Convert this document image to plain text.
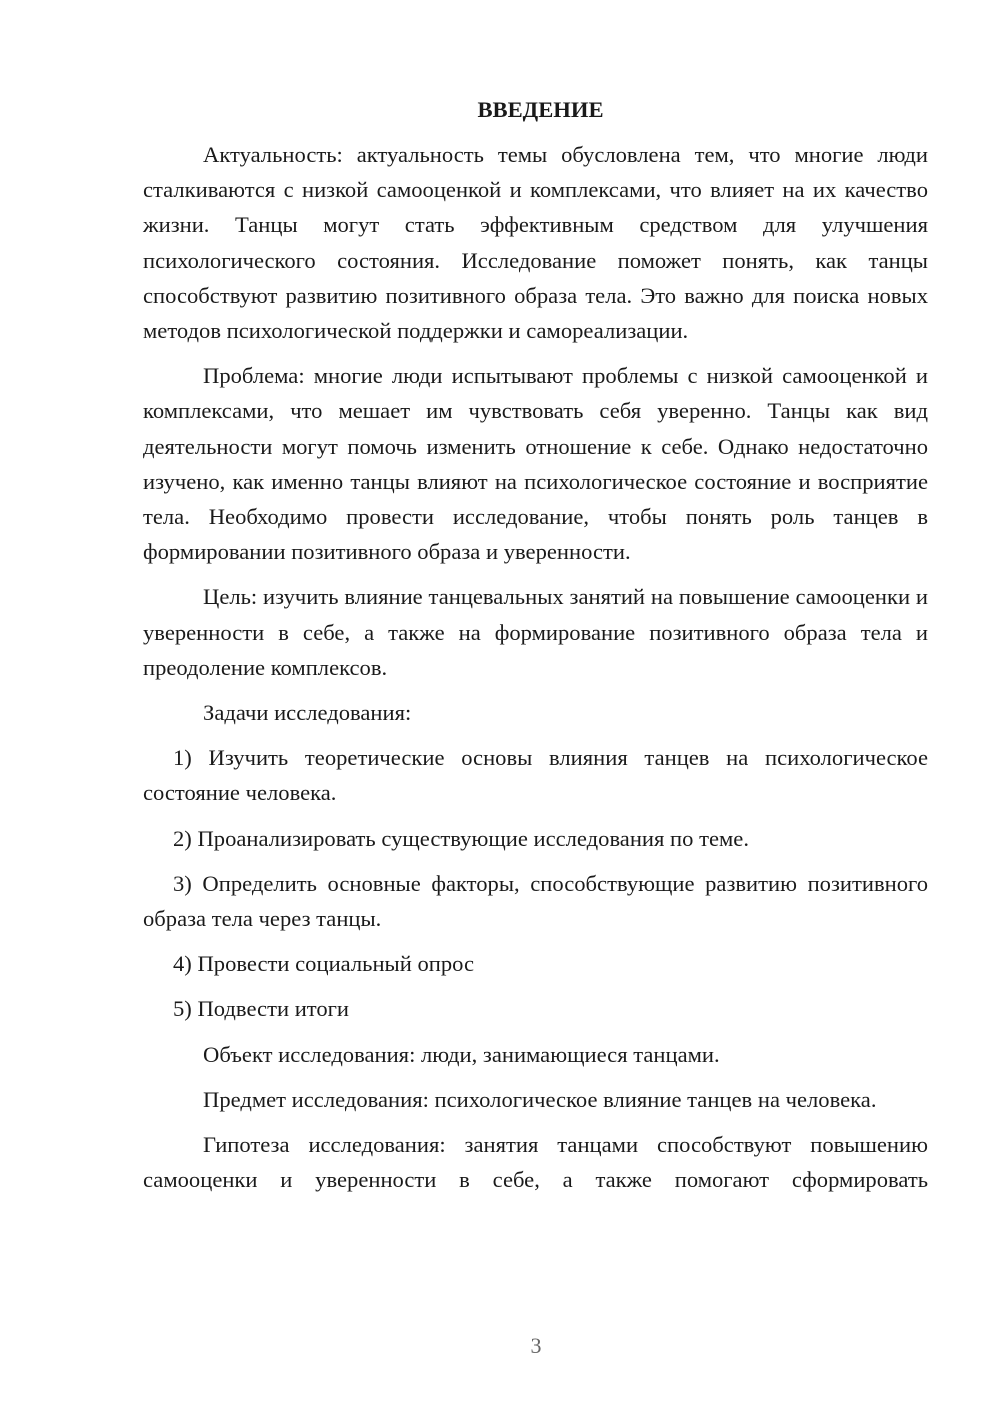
ВВЕДЕНИЕ

Актуальность: актуальность темы обусловлена тем, что многие люди сталкиваются с низкой самооценкой и комплексами, что влияет на их качество жизни. Танцы могут стать эффективным средством для улучшения психологического состояния. Исследование поможет понять, как танцы способствуют развитию позитивного образа тела. Это важно для поиска новых методов психологической поддержки и самореализации.

Проблема: многие люди испытывают проблемы с низкой самооценкой и комплексами, что мешает им чувствовать себя уверенно. Танцы как вид деятельности могут помочь изменить отношение к себе. Однако недостаточно изучено, как именно танцы влияют на психологическое состояние и восприятие тела. Необходимо провести исследование, чтобы понять роль танцев в формировании позитивного образа и уверенности.

Цель: изучить влияние танцевальных занятий на повышение самооценки и уверенности в себе, а также на формирование позитивного образа тела и преодоление комплексов.

Задачи исследования:

1) Изучить теоретические основы влияния танцев на психологическое состояние человека.

2) Проанализировать существующие исследования по теме.

3) Определить основные факторы, способствующие развитию позитивного образа тела через танцы.

4) Провести социальный опрос

5) Подвести итоги

Объект исследования: люди, занимающиеся танцами.

Предмет исследования: психологическое влияние танцев на человека.

Гипотеза исследования: занятия танцами способствуют повышению самооценки и уверенности в себе, а также помогают сформировать

3
